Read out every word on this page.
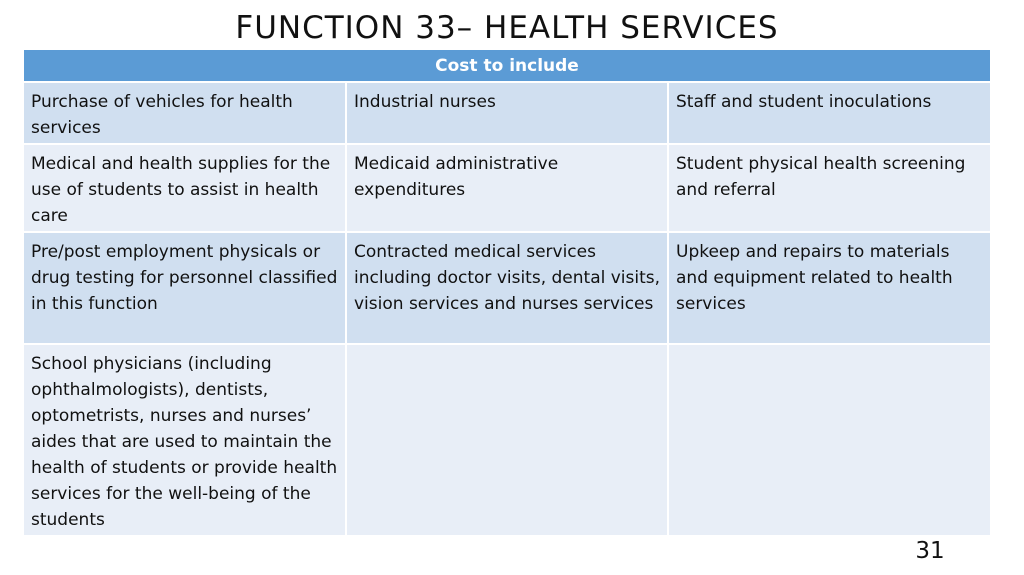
FUNCTION 33– HEALTH SERVICES
Cost to include		
Purchase of vehicles for health services	Industrial nurses	Staff and student inoculations
Medical and health supplies for the use of students to assist in health care	Medicaid administrative expenditures	Student physical health screening and referral
Pre/post employment physicals or drug testing for personnel classified in this function	Contracted medical services including doctor visits, dental visits, vision services and nurses services	Upkeep and repairs to materials and equipment related to health services
School physicians (including ophthalmologists), dentists, optometrists, nurses and nurses’ aides that are used to maintain the health of students or provide health services for the well-being of the students		
31
